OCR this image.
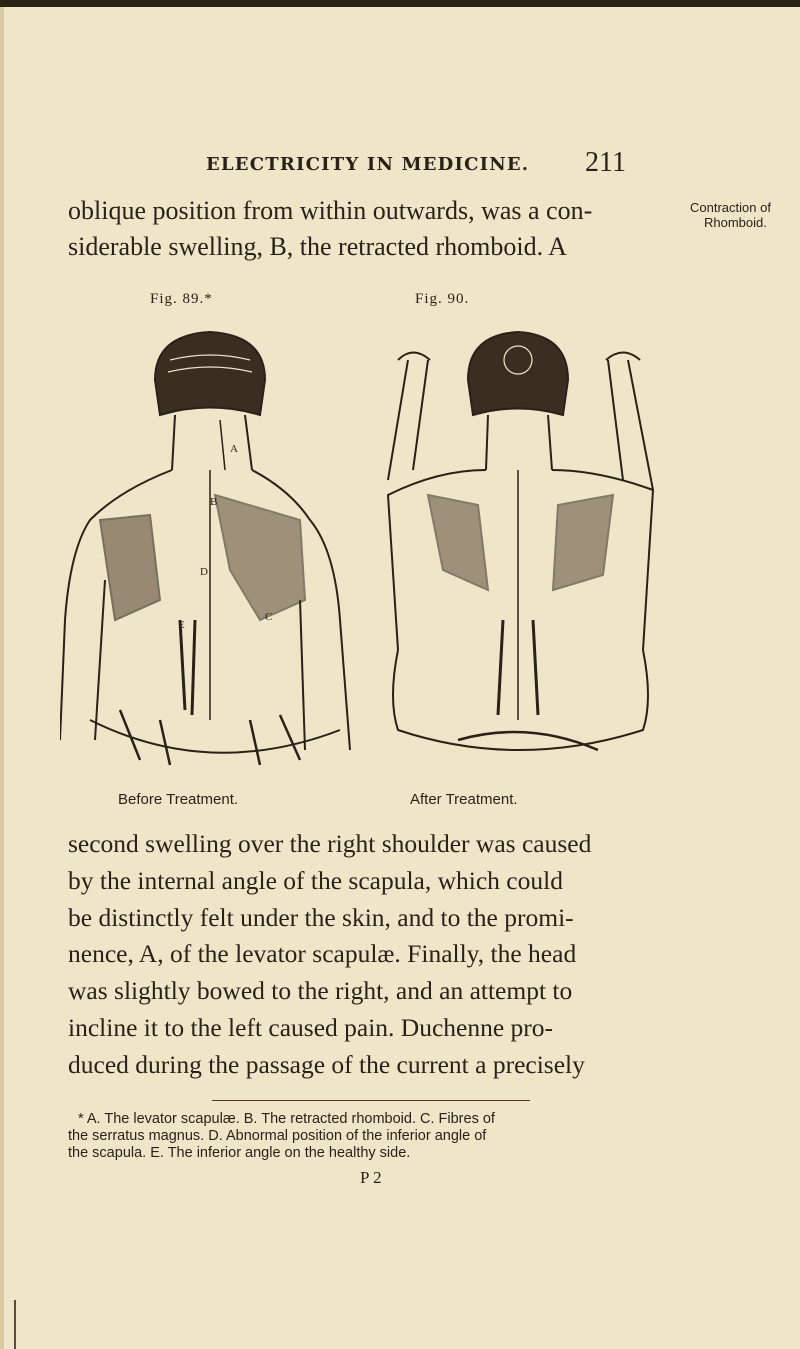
ELECTRICITY IN MEDICINE. 211
oblique position from within outwards, was a con-
siderable swelling, B, the retracted rhomboid. A
Contraction of
Rhomboid.
Fig. 89.*	Fig. 90.
A
B
C
D
E
Before Treatment.	After Treatment.
second swelling over the right shoulder was caused
by the internal angle of the scapula, which could
be distinctly felt under the skin, and to the promi-
nence, A, of the levator scapulæ. Finally, the head
was slightly bowed to the right, and an attempt to
incline it to the left caused pain. Duchenne pro-
duced during the passage of the current a precisely
* A. The levator scapulæ. B. The retracted rhomboid. C. Fibres of
the serratus magnus. D. Abnormal position of the inferior angle of
the scapula. E. The inferior angle on the healthy side.
P 2
